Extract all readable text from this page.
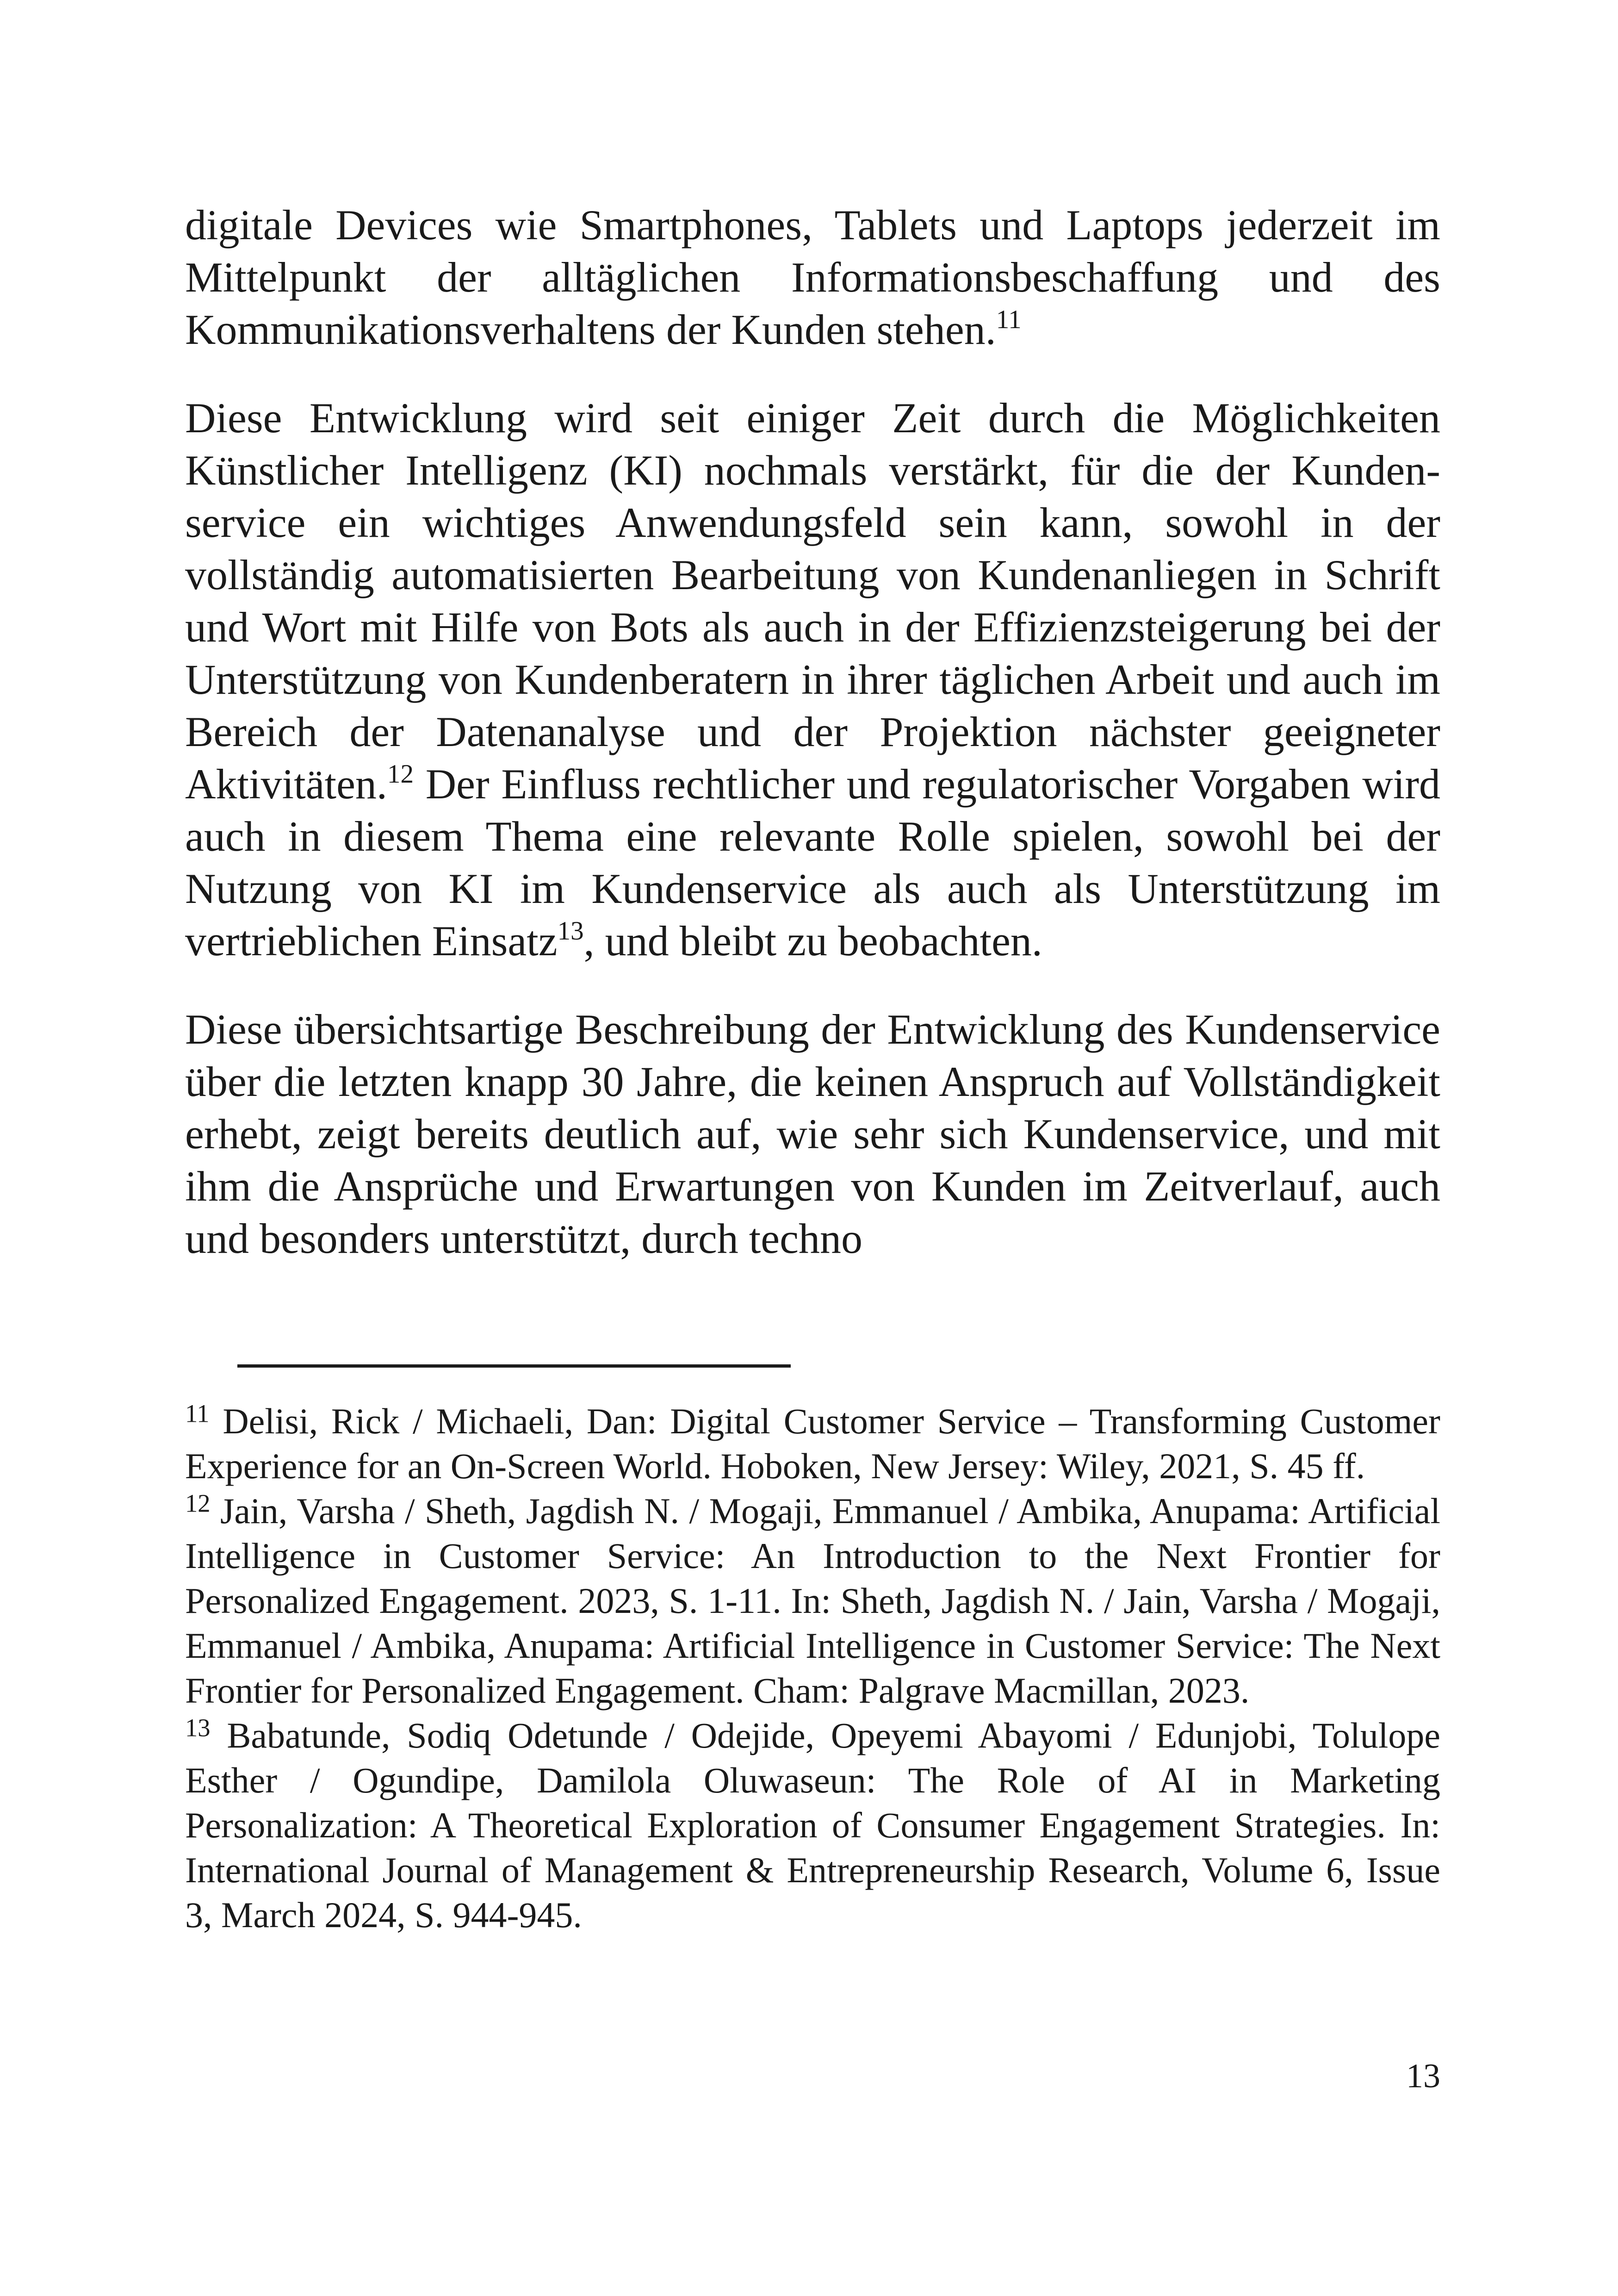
digitale Devices wie Smartphones, Tablets und Laptops jederzeit im Mittelpunkt der alltäglichen Informationsbeschaffung und des Kommunikationsverhaltens der Kunden stehen.$^{11}$

Diese Entwicklung wird seit einiger Zeit durch die Möglichkeiten Künstlicher Intelligenz (KI) nochmals verstärkt, für die der Kundenservice ein wichtiges Anwendungsfeld sein kann, sowohl in der vollständig automatisierten Bearbeitung von Kundenanliegen in Schrift und Wort mit Hilfe von Bots als auch in der Effizienzsteigerung bei der Unterstützung von Kundenberatern in ihrer täglichen Arbeit und auch im Bereich der Datenanalyse und der Projektion nächster geeigneter Aktivitäten.$^{12}$ Der Einfluss rechtlicher und regulatorischer Vorgaben wird auch in diesem Thema eine relevante Rolle spielen, sowohl bei der Nutzung von KI im Kundenservice als auch als Unterstützung im vertrieblichen Einsatz$^{13}$, und bleibt zu beobachten.

Diese übersichtsartige Beschreibung der Entwicklung des Kundenservice über die letzten knapp 30 Jahre, die keinen Anspruch auf Vollständigkeit erhebt, zeigt bereits deutlich auf, wie sehr sich Kundenservice, und mit ihm die Ansprüche und Erwartungen von Kunden im Zeitverlauf, auch und besonders unterstützt, durch techno

$^{11}$ Delisi, Rick / Michaeli, Dan: Digital Customer Service – Transforming Customer Experience for an On-Screen World. Hoboken, New Jersey: Wiley, 2021, S. 45 ff.

$^{12}$ Jain, Varsha / Sheth, Jagdish N. / Mogaji, Emmanuel / Ambika, Anupama: Artificial Intelligence in Customer Service: An Introduction to the Next Frontier for Personalized Engagement. 2023, S. 1-11. In: Sheth, Jagdish N. / Jain, Varsha / Mogaji, Emmanuel / Ambika, Anupama: Artificial Intelligence in Customer Service: The Next Frontier for Personalized Engagement. Cham: Palgrave Macmillan, 2023.

$^{13}$ Babatunde, Sodiq Odetunde / Odejide, Opeyemi Abayomi / Edunjobi, Tolulope Esther / Ogundipe, Damilola Oluwaseun: The Role of AI in Marketing Personalization: A Theoretical Exploration of Consumer Engagement Strategies. In: International Journal of Management & Entrepreneurship Research, Volume 6, Issue 3, March 2024, S. 944-945.

13
